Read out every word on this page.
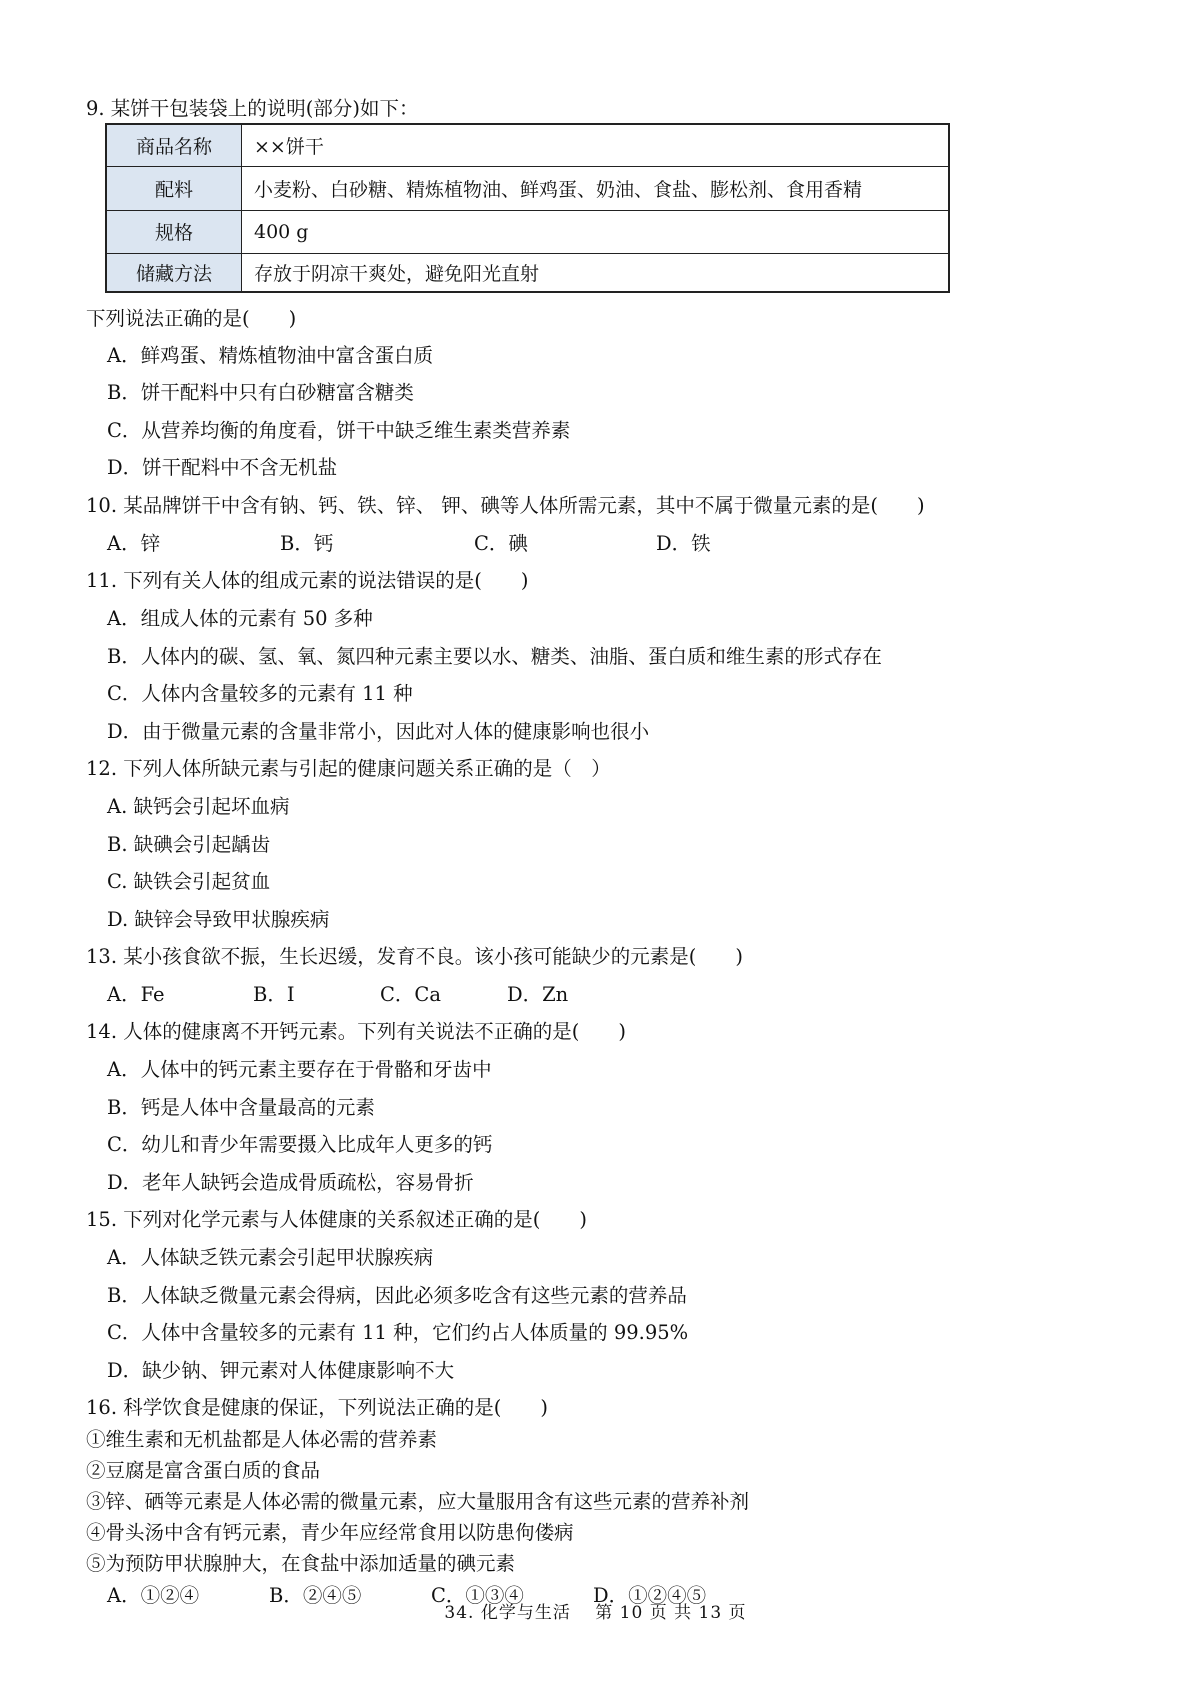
9. 某饼干包装袋上的说明(部分)如下：
商品名称	××饼干
配料	小麦粉、白砂糖、精炼植物油、鲜鸡蛋、奶油、食盐、膨松剂、食用香精
规格	400 g
储藏方法	存放于阴凉干爽处，避免阳光直射
下列说法正确的是(　　)
A．鲜鸡蛋、精炼植物油中富含蛋白质
B．饼干配料中只有白砂糖富含糖类
C．从营养均衡的角度看，饼干中缺乏维生素类营养素
D．饼干配料中不含无机盐
10. 某品牌饼干中含有钠、钙、铁、锌、 钾、碘等人体所需元素，其中不属于微量元素的是(　　)
A．锌	B．钙	C．碘	D．铁
11. 下列有关人体的组成元素的说法错误的是(　　)
A．组成人体的元素有 50 多种
B．人体内的碳、氢、氧、氮四种元素主要以水、糖类、油脂、蛋白质和维生素的形式存在
C．人体内含量较多的元素有 11 种
D．由于微量元素的含量非常小，因此对人体的健康影响也很小
12. 下列人体所缺元素与引起的健康问题关系正确的是（　）
A. 缺钙会引起坏血病
B. 缺碘会引起龋齿
C. 缺铁会引起贫血
D. 缺锌会导致甲状腺疾病
13. 某小孩食欲不振，生长迟缓，发育不良。该小孩可能缺少的元素是(　　)
A．Fe	B．I	C．Ca	D．Zn
14. 人体的健康离不开钙元素。下列有关说法不正确的是(　　)
A．人体中的钙元素主要存在于骨骼和牙齿中
B．钙是人体中含量最高的元素
C．幼儿和青少年需要摄入比成年人更多的钙
D．老年人缺钙会造成骨质疏松，容易骨折
15. 下列对化学元素与人体健康的关系叙述正确的是(　　)
A．人体缺乏铁元素会引起甲状腺疾病
B．人体缺乏微量元素会得病，因此必须多吃含有这些元素的营养品
C．人体中含量较多的元素有 11 种，它们约占人体质量的 99.95%
D．缺少钠、钾元素对人体健康影响不大
16. 科学饮食是健康的保证，下列说法正确的是(　　)
①维生素和无机盐都是人体必需的营养素
②豆腐是富含蛋白质的食品
③锌、硒等元素是人体必需的微量元素，应大量服用含有这些元素的营养补剂
④骨头汤中含有钙元素，青少年应经常食用以防患佝偻病
⑤为预防甲状腺肿大，在食盐中添加适量的碘元素
A．①②④	B．②④⑤	C．①③④	D．①②④⑤
34. 化学与生活　 第 10 页 共 13 页
